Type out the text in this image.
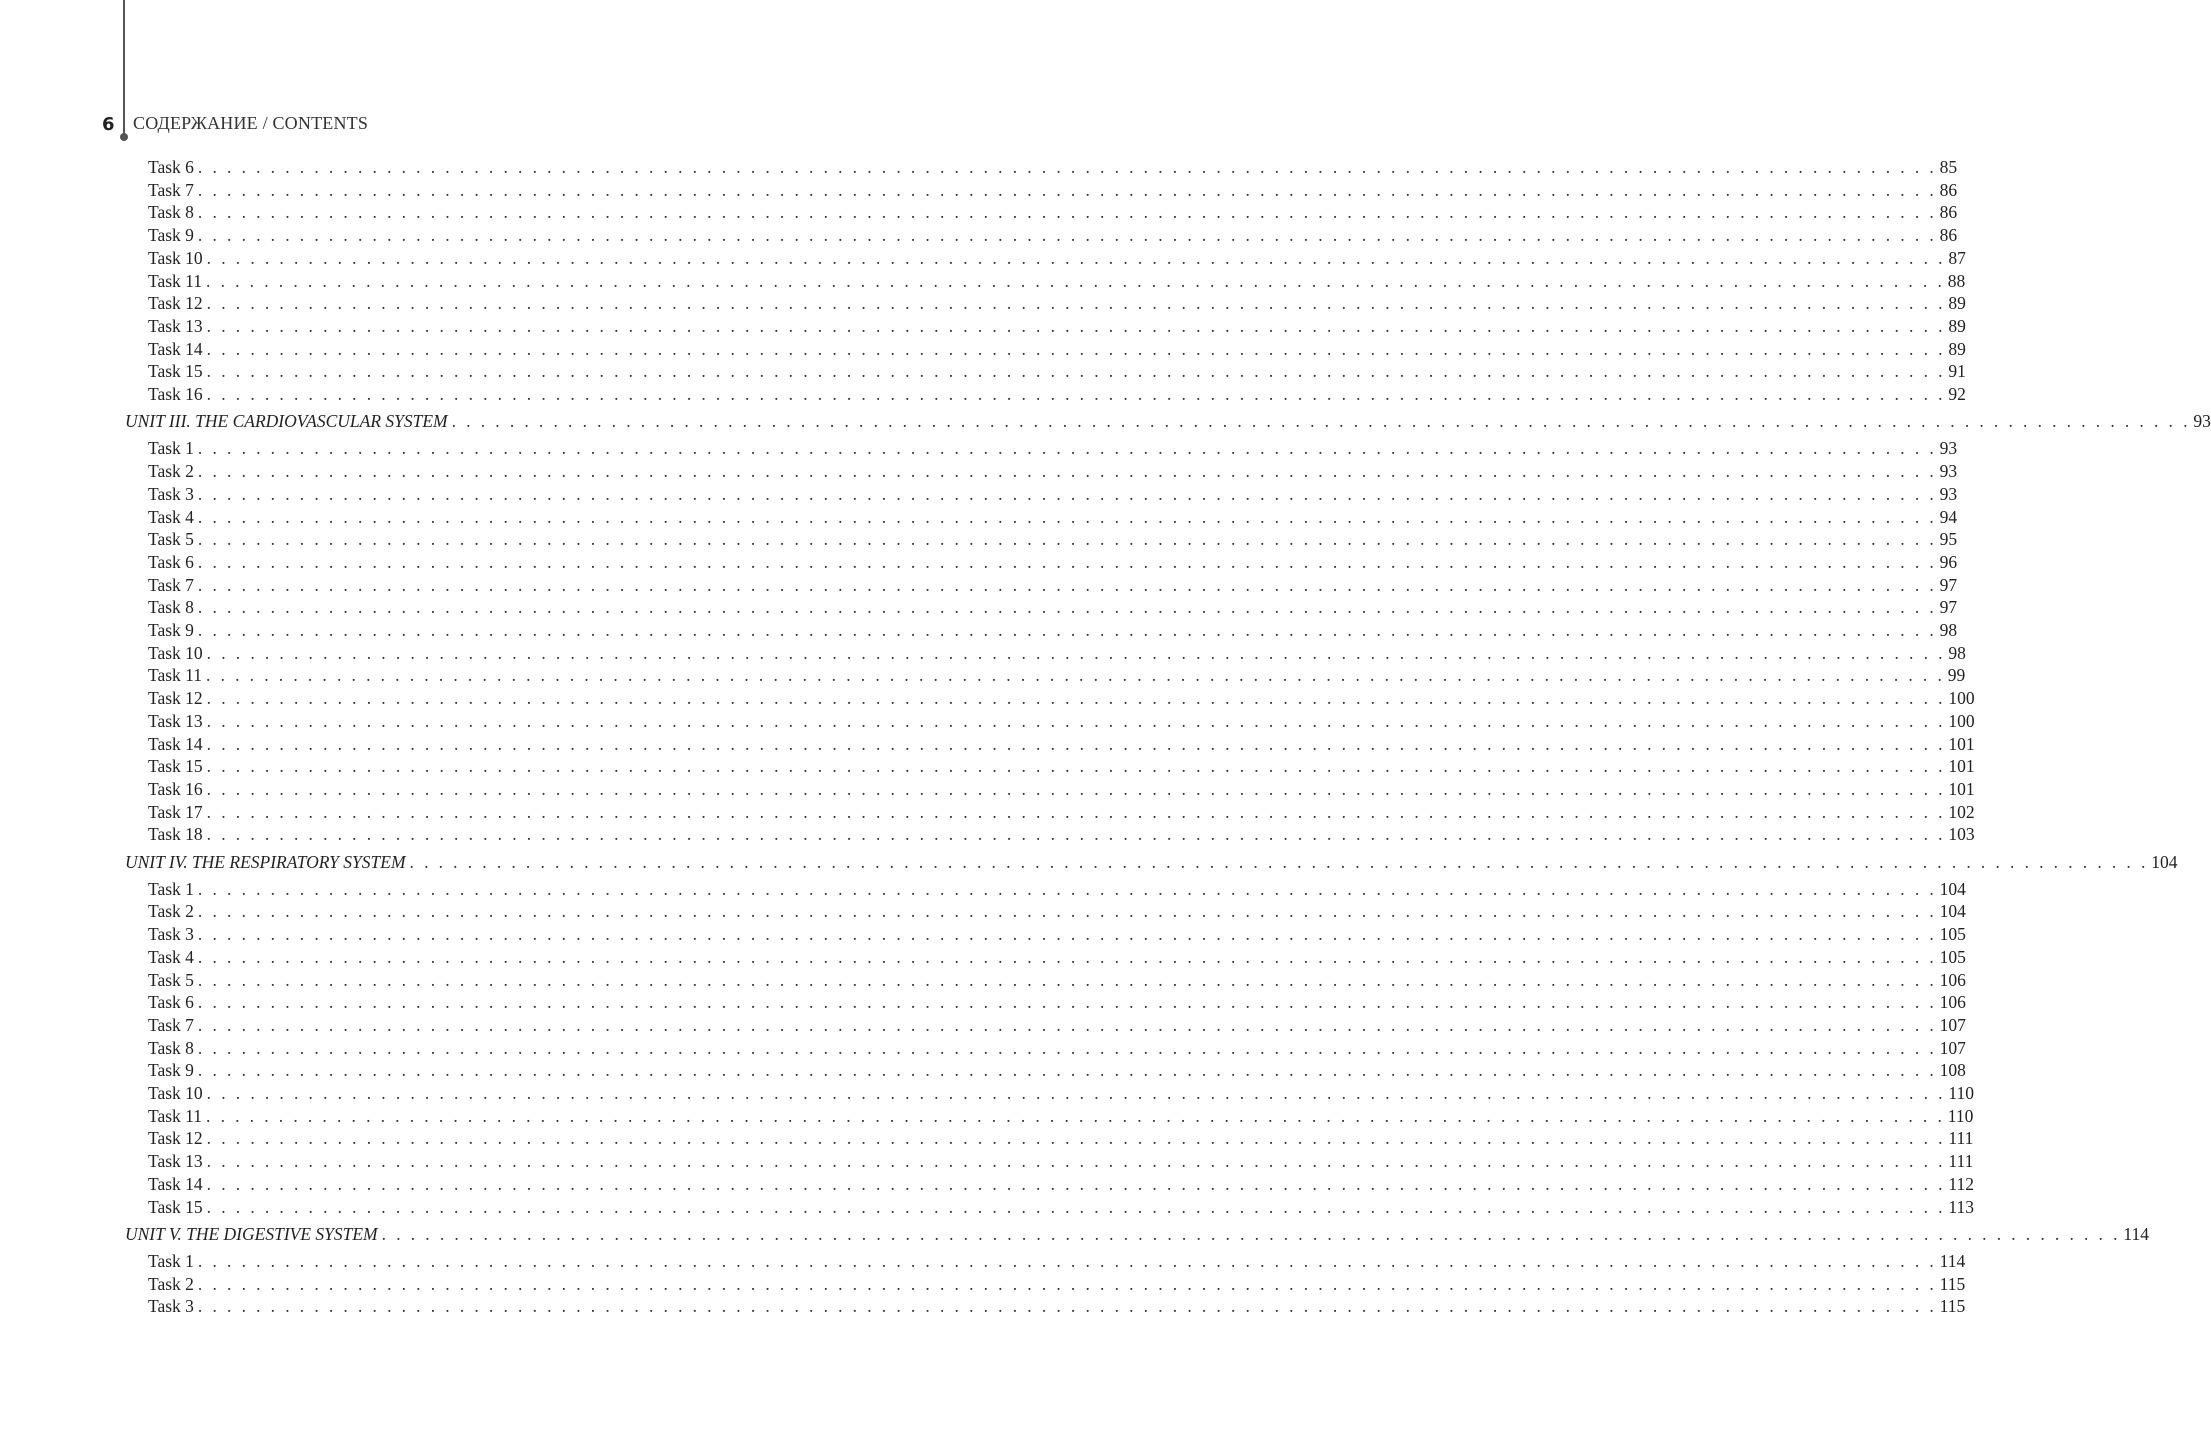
6 СОДЕРЖАНИЕ / CONTENTS
Task 6 . . . . . . . . . . . . . . . . . . . . . . . . . . . . . . . . . . . . . . . . . . . . . . . . . . . . . . . . . . . . . . . . . . . . . . . . . . . . . . . . . . . . . . . . . . . . . . . . . . . . . . . . . . . . . . . . . . . . . . . . 85
Task 7 . . . . . . . . . . . . . . . . . . . . . . . . . . . . . . . . . . . . . . . . . . . . . . . . . . . . . . . . . . . . . . . . . . . . . . . . . . . . . . . . . . . . . . . . . . . . . . . . . . . . . . . . . . . . . . . . . . . . . . . . 86
Task 8 . . . . . . . . . . . . . . . . . . . . . . . . . . . . . . . . . . . . . . . . . . . . . . . . . . . . . . . . . . . . . . . . . . . . . . . . . . . . . . . . . . . . . . . . . . . . . . . . . . . . . . . . . . . . . . . . . . . . . . . . 86
Task 9 . . . . . . . . . . . . . . . . . . . . . . . . . . . . . . . . . . . . . . . . . . . . . . . . . . . . . . . . . . . . . . . . . . . . . . . . . . . . . . . . . . . . . . . . . . . . . . . . . . . . . . . . . . . . . . . . . . . . . . . . 86
Task 10 . . . . . . . . . . . . . . . . . . . . . . . . . . . . . . . . . . . . . . . . . . . . . . . . . . . . . . . . . . . . . . . . . . . . . . . . . . . . . . . . . . . . . . . . . . . . . . . . . . . . . . . . . . . . . . . . . . . . . . . . 87
Task 11 . . . . . . . . . . . . . . . . . . . . . . . . . . . . . . . . . . . . . . . . . . . . . . . . . . . . . . . . . . . . . . . . . . . . . . . . . . . . . . . . . . . . . . . . . . . . . . . . . . . . . . . . . . . . . . . . . . . . . . . . 88
Task 12 . . . . . . . . . . . . . . . . . . . . . . . . . . . . . . . . . . . . . . . . . . . . . . . . . . . . . . . . . . . . . . . . . . . . . . . . . . . . . . . . . . . . . . . . . . . . . . . . . . . . . . . . . . . . . . . . . . . . . . . . 89
Task 13 . . . . . . . . . . . . . . . . . . . . . . . . . . . . . . . . . . . . . . . . . . . . . . . . . . . . . . . . . . . . . . . . . . . . . . . . . . . . . . . . . . . . . . . . . . . . . . . . . . . . . . . . . . . . . . . . . . . . . . . . 89
Task 14 . . . . . . . . . . . . . . . . . . . . . . . . . . . . . . . . . . . . . . . . . . . . . . . . . . . . . . . . . . . . . . . . . . . . . . . . . . . . . . . . . . . . . . . . . . . . . . . . . . . . . . . . . . . . . . . . . . . . . . . . 89
Task 15 . . . . . . . . . . . . . . . . . . . . . . . . . . . . . . . . . . . . . . . . . . . . . . . . . . . . . . . . . . . . . . . . . . . . . . . . . . . . . . . . . . . . . . . . . . . . . . . . . . . . . . . . . . . . . . . . . . . . . . . . 91
Task 16 . . . . . . . . . . . . . . . . . . . . . . . . . . . . . . . . . . . . . . . . . . . . . . . . . . . . . . . . . . . . . . . . . . . . . . . . . . . . . . . . . . . . . . . . . . . . . . . . . . . . . . . . . . . . . . . . . . . . . . . . 92
UNIT III. THE CARDIOVASCULAR SYSTEM . . . . . . . . . . . . . . . . . . . . . . . . . . . . . . . . . . . . . . . . . . . . . . . . . . . . . . . . . . . . . . . . . . . . . . . . . . . . . . . . . . . . . . . . . . . . . . . . . . . . . . . . . . . . . . . . . . . . . . . . 93
Task 1 . . . . . . . . . . . . . . . . . . . . . . . . . . . . . . . . . . . . . . . . . . . . . . . . . . . . . . . . . . . . . . . . . . . . . . . . . . . . . . . . . . . . . . . . . . . . . . . . . . . . . . . . . . . . . . . . . . . . . . . . 93
Task 2 . . . . . . . . . . . . . . . . . . . . . . . . . . . . . . . . . . . . . . . . . . . . . . . . . . . . . . . . . . . . . . . . . . . . . . . . . . . . . . . . . . . . . . . . . . . . . . . . . . . . . . . . . . . . . . . . . . . . . . . . 93
Task 3 . . . . . . . . . . . . . . . . . . . . . . . . . . . . . . . . . . . . . . . . . . . . . . . . . . . . . . . . . . . . . . . . . . . . . . . . . . . . . . . . . . . . . . . . . . . . . . . . . . . . . . . . . . . . . . . . . . . . . . . . 93
Task 4 . . . . . . . . . . . . . . . . . . . . . . . . . . . . . . . . . . . . . . . . . . . . . . . . . . . . . . . . . . . . . . . . . . . . . . . . . . . . . . . . . . . . . . . . . . . . . . . . . . . . . . . . . . . . . . . . . . . . . . . . 94
Task 5 . . . . . . . . . . . . . . . . . . . . . . . . . . . . . . . . . . . . . . . . . . . . . . . . . . . . . . . . . . . . . . . . . . . . . . . . . . . . . . . . . . . . . . . . . . . . . . . . . . . . . . . . . . . . . . . . . . . . . . . . 95
Task 6 . . . . . . . . . . . . . . . . . . . . . . . . . . . . . . . . . . . . . . . . . . . . . . . . . . . . . . . . . . . . . . . . . . . . . . . . . . . . . . . . . . . . . . . . . . . . . . . . . . . . . . . . . . . . . . . . . . . . . . . . 96
Task 7 . . . . . . . . . . . . . . . . . . . . . . . . . . . . . . . . . . . . . . . . . . . . . . . . . . . . . . . . . . . . . . . . . . . . . . . . . . . . . . . . . . . . . . . . . . . . . . . . . . . . . . . . . . . . . . . . . . . . . . . . 97
Task 8 . . . . . . . . . . . . . . . . . . . . . . . . . . . . . . . . . . . . . . . . . . . . . . . . . . . . . . . . . . . . . . . . . . . . . . . . . . . . . . . . . . . . . . . . . . . . . . . . . . . . . . . . . . . . . . . . . . . . . . . . 97
Task 9 . . . . . . . . . . . . . . . . . . . . . . . . . . . . . . . . . . . . . . . . . . . . . . . . . . . . . . . . . . . . . . . . . . . . . . . . . . . . . . . . . . . . . . . . . . . . . . . . . . . . . . . . . . . . . . . . . . . . . . . . 98
Task 10 . . . . . . . . . . . . . . . . . . . . . . . . . . . . . . . . . . . . . . . . . . . . . . . . . . . . . . . . . . . . . . . . . . . . . . . . . . . . . . . . . . . . . . . . . . . . . . . . . . . . . . . . . . . . . . . . . . . . . . . . 98
Task 11 . . . . . . . . . . . . . . . . . . . . . . . . . . . . . . . . . . . . . . . . . . . . . . . . . . . . . . . . . . . . . . . . . . . . . . . . . . . . . . . . . . . . . . . . . . . . . . . . . . . . . . . . . . . . . . . . . . . . . . . . 99
Task 12 . . . . . . . . . . . . . . . . . . . . . . . . . . . . . . . . . . . . . . . . . . . . . . . . . . . . . . . . . . . . . . . . . . . . . . . . . . . . . . . . . . . . . . . . . . . . . . . . . . . . . . . . . . . . . . . . . . . . . . . . 100
Task 13 . . . . . . . . . . . . . . . . . . . . . . . . . . . . . . . . . . . . . . . . . . . . . . . . . . . . . . . . . . . . . . . . . . . . . . . . . . . . . . . . . . . . . . . . . . . . . . . . . . . . . . . . . . . . . . . . . . . . . . . . 100
Task 14 . . . . . . . . . . . . . . . . . . . . . . . . . . . . . . . . . . . . . . . . . . . . . . . . . . . . . . . . . . . . . . . . . . . . . . . . . . . . . . . . . . . . . . . . . . . . . . . . . . . . . . . . . . . . . . . . . . . . . . . . 101
Task 15 . . . . . . . . . . . . . . . . . . . . . . . . . . . . . . . . . . . . . . . . . . . . . . . . . . . . . . . . . . . . . . . . . . . . . . . . . . . . . . . . . . . . . . . . . . . . . . . . . . . . . . . . . . . . . . . . . . . . . . . . 101
Task 16 . . . . . . . . . . . . . . . . . . . . . . . . . . . . . . . . . . . . . . . . . . . . . . . . . . . . . . . . . . . . . . . . . . . . . . . . . . . . . . . . . . . . . . . . . . . . . . . . . . . . . . . . . . . . . . . . . . . . . . . . 101
Task 17 . . . . . . . . . . . . . . . . . . . . . . . . . . . . . . . . . . . . . . . . . . . . . . . . . . . . . . . . . . . . . . . . . . . . . . . . . . . . . . . . . . . . . . . . . . . . . . . . . . . . . . . . . . . . . . . . . . . . . . . . 102
Task 18 . . . . . . . . . . . . . . . . . . . . . . . . . . . . . . . . . . . . . . . . . . . . . . . . . . . . . . . . . . . . . . . . . . . . . . . . . . . . . . . . . . . . . . . . . . . . . . . . . . . . . . . . . . . . . . . . . . . . . . . . 103
UNIT IV. THE RESPIRATORY SYSTEM . . . . . . . . . . . . . . . . . . . . . . . . . . . . . . . . . . . . . . . . . . . . . . . . . . . . . . . . . . . . . . . . . . . . . . . . . . . . . . . . . . . . . . . . . . . . . . . . . . . . . . . . . . . . . . . . . . . . . . . . 104
Task 1 . . . . . . . . . . . . . . . . . . . . . . . . . . . . . . . . . . . . . . . . . . . . . . . . . . . . . . . . . . . . . . . . . . . . . . . . . . . . . . . . . . . . . . . . . . . . . . . . . . . . . . . . . . . . . . . . . . . . . . . . 104
Task 2 . . . . . . . . . . . . . . . . . . . . . . . . . . . . . . . . . . . . . . . . . . . . . . . . . . . . . . . . . . . . . . . . . . . . . . . . . . . . . . . . . . . . . . . . . . . . . . . . . . . . . . . . . . . . . . . . . . . . . . . . 104
Task 3 . . . . . . . . . . . . . . . . . . . . . . . . . . . . . . . . . . . . . . . . . . . . . . . . . . . . . . . . . . . . . . . . . . . . . . . . . . . . . . . . . . . . . . . . . . . . . . . . . . . . . . . . . . . . . . . . . . . . . . . . 105
Task 4 . . . . . . . . . . . . . . . . . . . . . . . . . . . . . . . . . . . . . . . . . . . . . . . . . . . . . . . . . . . . . . . . . . . . . . . . . . . . . . . . . . . . . . . . . . . . . . . . . . . . . . . . . . . . . . . . . . . . . . . . 105
Task 5 . . . . . . . . . . . . . . . . . . . . . . . . . . . . . . . . . . . . . . . . . . . . . . . . . . . . . . . . . . . . . . . . . . . . . . . . . . . . . . . . . . . . . . . . . . . . . . . . . . . . . . . . . . . . . . . . . . . . . . . . 106
Task 6 . . . . . . . . . . . . . . . . . . . . . . . . . . . . . . . . . . . . . . . . . . . . . . . . . . . . . . . . . . . . . . . . . . . . . . . . . . . . . . . . . . . . . . . . . . . . . . . . . . . . . . . . . . . . . . . . . . . . . . . . 106
Task 7 . . . . . . . . . . . . . . . . . . . . . . . . . . . . . . . . . . . . . . . . . . . . . . . . . . . . . . . . . . . . . . . . . . . . . . . . . . . . . . . . . . . . . . . . . . . . . . . . . . . . . . . . . . . . . . . . . . . . . . . . 107
Task 8 . . . . . . . . . . . . . . . . . . . . . . . . . . . . . . . . . . . . . . . . . . . . . . . . . . . . . . . . . . . . . . . . . . . . . . . . . . . . . . . . . . . . . . . . . . . . . . . . . . . . . . . . . . . . . . . . . . . . . . . . 107
Task 9 . . . . . . . . . . . . . . . . . . . . . . . . . . . . . . . . . . . . . . . . . . . . . . . . . . . . . . . . . . . . . . . . . . . . . . . . . . . . . . . . . . . . . . . . . . . . . . . . . . . . . . . . . . . . . . . . . . . . . . . . 108
Task 10 . . . . . . . . . . . . . . . . . . . . . . . . . . . . . . . . . . . . . . . . . . . . . . . . . . . . . . . . . . . . . . . . . . . . . . . . . . . . . . . . . . . . . . . . . . . . . . . . . . . . . . . . . . . . . . . . . . . . . . . . 110
Task 11 . . . . . . . . . . . . . . . . . . . . . . . . . . . . . . . . . . . . . . . . . . . . . . . . . . . . . . . . . . . . . . . . . . . . . . . . . . . . . . . . . . . . . . . . . . . . . . . . . . . . . . . . . . . . . . . . . . . . . . . . 110
Task 12 . . . . . . . . . . . . . . . . . . . . . . . . . . . . . . . . . . . . . . . . . . . . . . . . . . . . . . . . . . . . . . . . . . . . . . . . . . . . . . . . . . . . . . . . . . . . . . . . . . . . . . . . . . . . . . . . . . . . . . . . 111
Task 13 . . . . . . . . . . . . . . . . . . . . . . . . . . . . . . . . . . . . . . . . . . . . . . . . . . . . . . . . . . . . . . . . . . . . . . . . . . . . . . . . . . . . . . . . . . . . . . . . . . . . . . . . . . . . . . . . . . . . . . . . 111
Task 14 . . . . . . . . . . . . . . . . . . . . . . . . . . . . . . . . . . . . . . . . . . . . . . . . . . . . . . . . . . . . . . . . . . . . . . . . . . . . . . . . . . . . . . . . . . . . . . . . . . . . . . . . . . . . . . . . . . . . . . . . 112
Task 15 . . . . . . . . . . . . . . . . . . . . . . . . . . . . . . . . . . . . . . . . . . . . . . . . . . . . . . . . . . . . . . . . . . . . . . . . . . . . . . . . . . . . . . . . . . . . . . . . . . . . . . . . . . . . . . . . . . . . . . . . 113
UNIT V. THE DIGESTIVE SYSTEM . . . . . . . . . . . . . . . . . . . . . . . . . . . . . . . . . . . . . . . . . . . . . . . . . . . . . . . . . . . . . . . . . . . . . . . . . . . . . . . . . . . . . . . . . . . . . . . . . . . . . . . . . . . . . . . . . . . . . . . . 114
Task 1 . . . . . . . . . . . . . . . . . . . . . . . . . . . . . . . . . . . . . . . . . . . . . . . . . . . . . . . . . . . . . . . . . . . . . . . . . . . . . . . . . . . . . . . . . . . . . . . . . . . . . . . . . . . . . . . . . . . . . . . . 114
Task 2 . . . . . . . . . . . . . . . . . . . . . . . . . . . . . . . . . . . . . . . . . . . . . . . . . . . . . . . . . . . . . . . . . . . . . . . . . . . . . . . . . . . . . . . . . . . . . . . . . . . . . . . . . . . . . . . . . . . . . . . . 115
Task 3 . . . . . . . . . . . . . . . . . . . . . . . . . . . . . . . . . . . . . . . . . . . . . . . . . . . . . . . . . . . . . . . . . . . . . . . . . . . . . . . . . . . . . . . . . . . . . . . . . . . . . . . . . . . . . . . . . . . . . . . . 115
